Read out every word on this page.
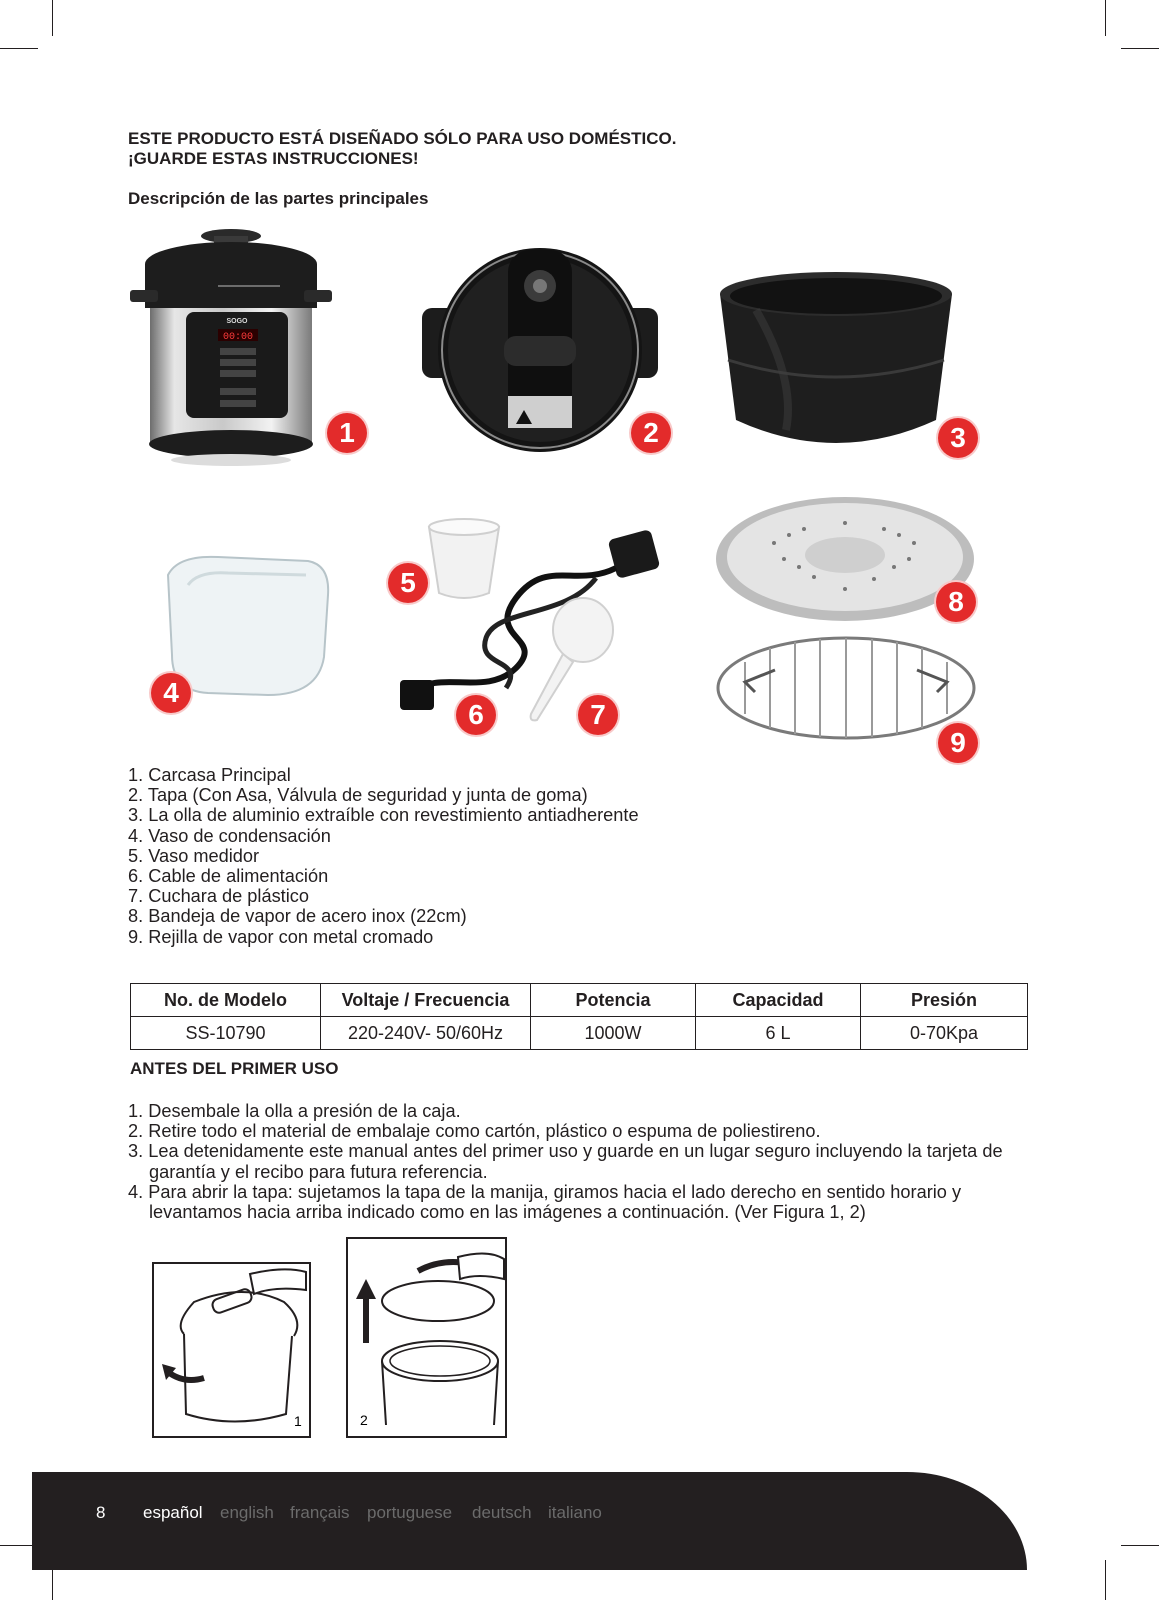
ESTE PRODUCTO ESTÁ DISEÑADO SÓLO PARA USO DOMÉSTICO.

¡GUARDE ESTAS INSTRUCCIONES!

Descripción de las partes principales

SOGO
00:00
1	2	3
4
5
6	7
8
9
1. Carcasa Principal
2. Tapa (Con Asa, Válvula de seguridad y junta de goma)
3. La olla de aluminio extraíble con revestimiento antiadherente
4. Vaso de condensación
5. Vaso medidor
6. Cable de alimentación
7. Cuchara de plástico
8. Bandeja de vapor de acero inox (22cm)
9. Rejilla de vapor con metal cromado
No. de Modelo	Voltaje / Frecuencia	Potencia	Capacidad	Presión
SS-10790	220-240V- 50/60Hz	1000W	6 L	0-70Kpa

ANTES DEL PRIMER USO

1. Desembale la olla a presión de la caja.
2. Retire todo el material de embalaje como cartón, plástico o espuma de poliestireno.
3. Lea detenidamente este manual antes del primer uso y guarde en un lugar seguro incluyendo la tarjeta de garantía y el recibo para futura referencia.
4. Para abrir la tapa: sujetamos la tapa de la manija, giramos hacia el lado derecho en sentido horario y levantamos hacia arriba indicado como en las imágenes a continuación. (Ver Figura 1, 2)
1	2
8 español english français portuguese deutsch italiano
